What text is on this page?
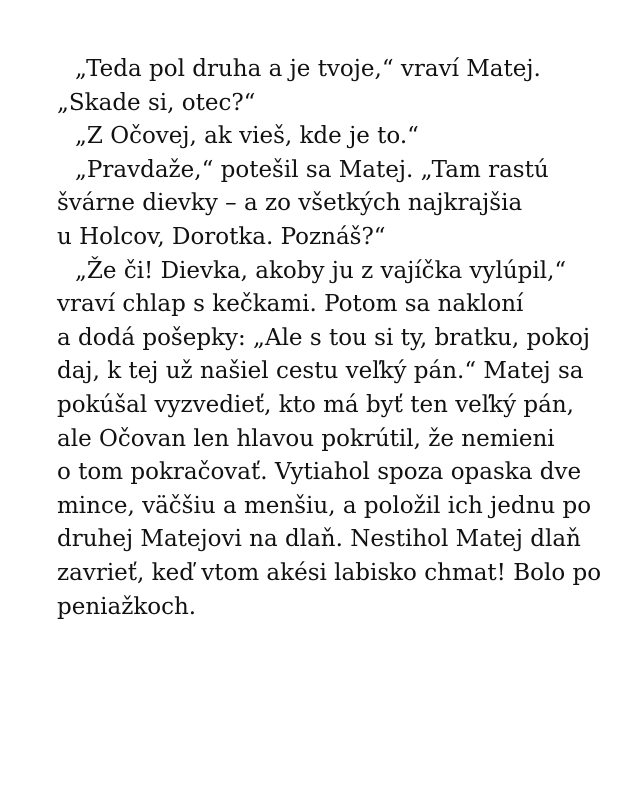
„Teda pol druha a je tvoje,“ vraví Matej.
„Skade si, otec?“
„Z Očovej, ak vieš, kde je to.“
„Pravdaže,“ potešil sa Matej. „Tam rastú
švárne dievky – a zo všetkých najkrajšia
u Holcov, Dorotka. Poznáš?“
„Že či! Dievka, akoby ju z vajíčka vylúpil,“
vraví chlap s kečkami. Potom sa nakloní
a dodá pošepky: „Ale s tou si ty, bratku, pokoj
daj, k tej už našiel cestu veľký pán.“ Matej sa
pokúšal vyzvedieť, kto má byť ten veľký pán,
ale Očovan len hlavou pokrútil, že nemieni
o tom pokračovať. Vytiahol spoza opaska dve
mince, väčšiu a menšiu, a položil ich jednu po
druhej Matejovi na dlaň. Nestihol Matej dlaň
zavrieť, keď vtom akési labisko chmat! Bolo po
peniažkoch.
